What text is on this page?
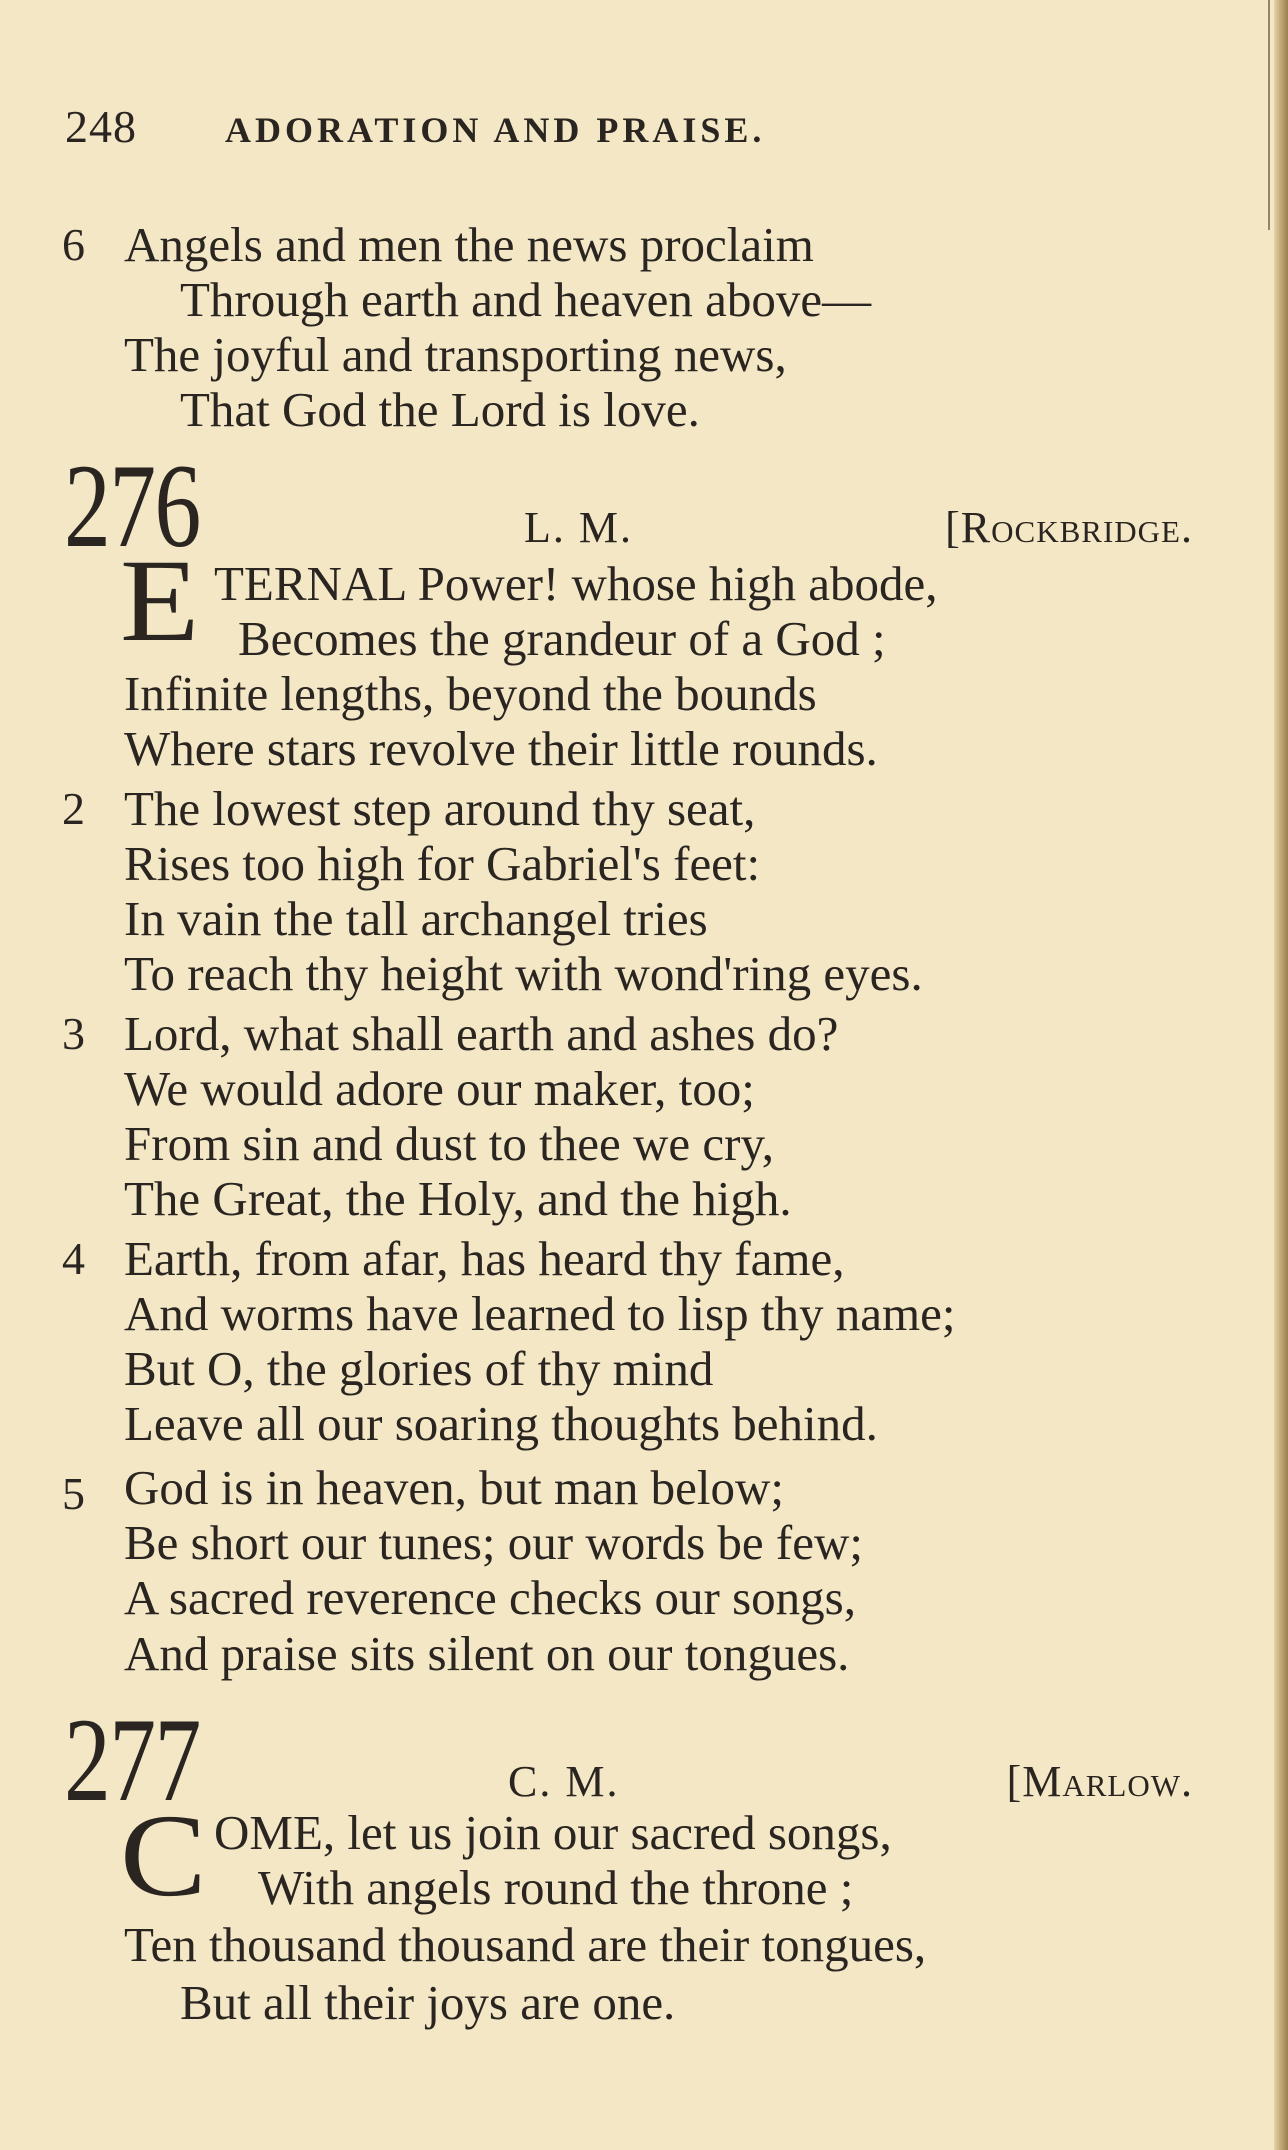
248 ADORATION AND PRAISE.
6 Angels and men the news proclaim
Through earth and heaven above—
The joyful and transporting news,
That God the Lord is love.
276	L. M.	[Rockbridge.
E TERNAL Power! whose high abode,
Becomes the grandeur of a God ;
Infinite lengths, beyond the bounds
Where stars revolve their little rounds.
2 The lowest step around thy seat,
Rises too high for Gabriel's feet:
In vain the tall archangel tries
To reach thy height with wond'ring eyes.
3 Lord, what shall earth and ashes do?
We would adore our maker, too;
From sin and dust to thee we cry,
The Great, the Holy, and the high.
4 Earth, from afar, has heard thy fame,
And worms have learned to lisp thy name;
But O, the glories of thy mind
Leave all our soaring thoughts behind.
5 God is in heaven, but man below;
Be short our tunes; our words be few;
A sacred reverence checks our songs,
And praise sits silent on our tongues.
277	C. M.	[Marlow.
C OME, let us join our sacred songs,
With angels round the throne ;
Ten thousand thousand are their tongues,
But all their joys are one.
